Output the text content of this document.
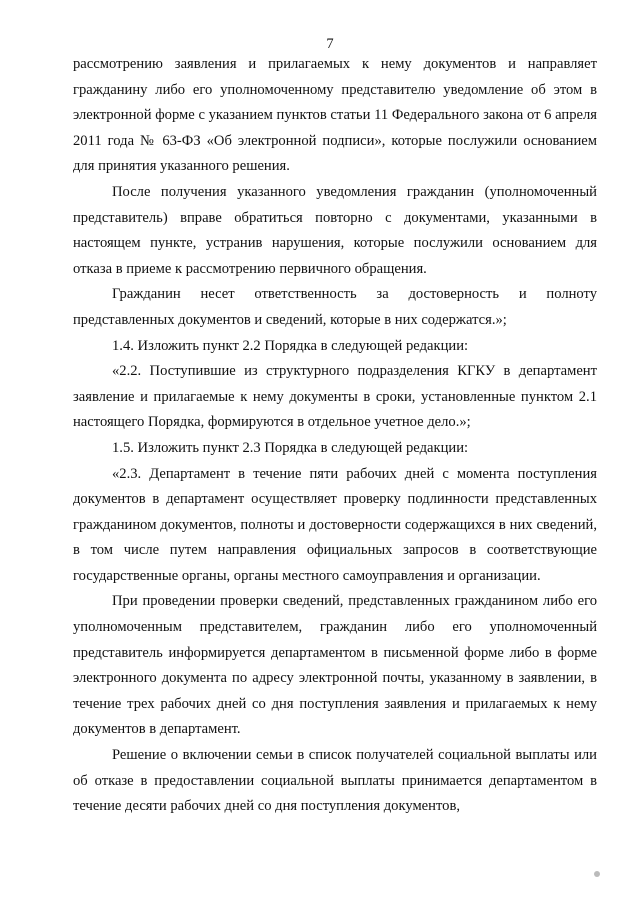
7

рассмотрению заявления и прилагаемых к нему документов и направляет гражданину либо его уполномоченному представителю уведомление об этом в электронной форме с указанием пунктов статьи 11 Федерального закона от 6 апреля 2011 года № 63-ФЗ «Об электронной подписи», которые послужили основанием для принятия указанного решения.

После получения указанного уведомления гражданин (уполномоченный представитель) вправе обратиться повторно с документами, указанными в настоящем пункте, устранив нарушения, которые послужили основанием для отказа в приеме к рассмотрению первичного обращения.

Гражданин несет ответственность за достоверность и полноту представленных документов и сведений, которые в них содержатся.»;

1.4. Изложить пункт 2.2 Порядка в следующей редакции:

«2.2. Поступившие из структурного подразделения КГКУ в департамент заявление и прилагаемые к нему документы в сроки, установленные пунктом 2.1 настоящего Порядка, формируются в отдельное учетное дело.»;

1.5. Изложить пункт 2.3 Порядка в следующей редакции:

«2.3. Департамент в течение пяти рабочих дней с момента поступления документов в департамент осуществляет проверку подлинности представленных гражданином документов, полноты и достоверности содержащихся в них сведений, в том числе путем направления официальных запросов в соответствующие государственные органы, органы местного самоуправления и организации.

При проведении проверки сведений, представленных гражданином либо его уполномоченным представителем, гражданин либо его уполномоченный представитель информируется департаментом в письменной форме либо в форме электронного документа по адресу электронной почты, указанному в заявлении, в течение трех рабочих дней со дня поступления заявления и прилагаемых к нему документов в департамент.

Решение о включении семьи в список получателей социальной выплаты или об отказе в предоставлении социальной выплаты принимается департаментом в течение десяти рабочих дней со дня поступления документов,
